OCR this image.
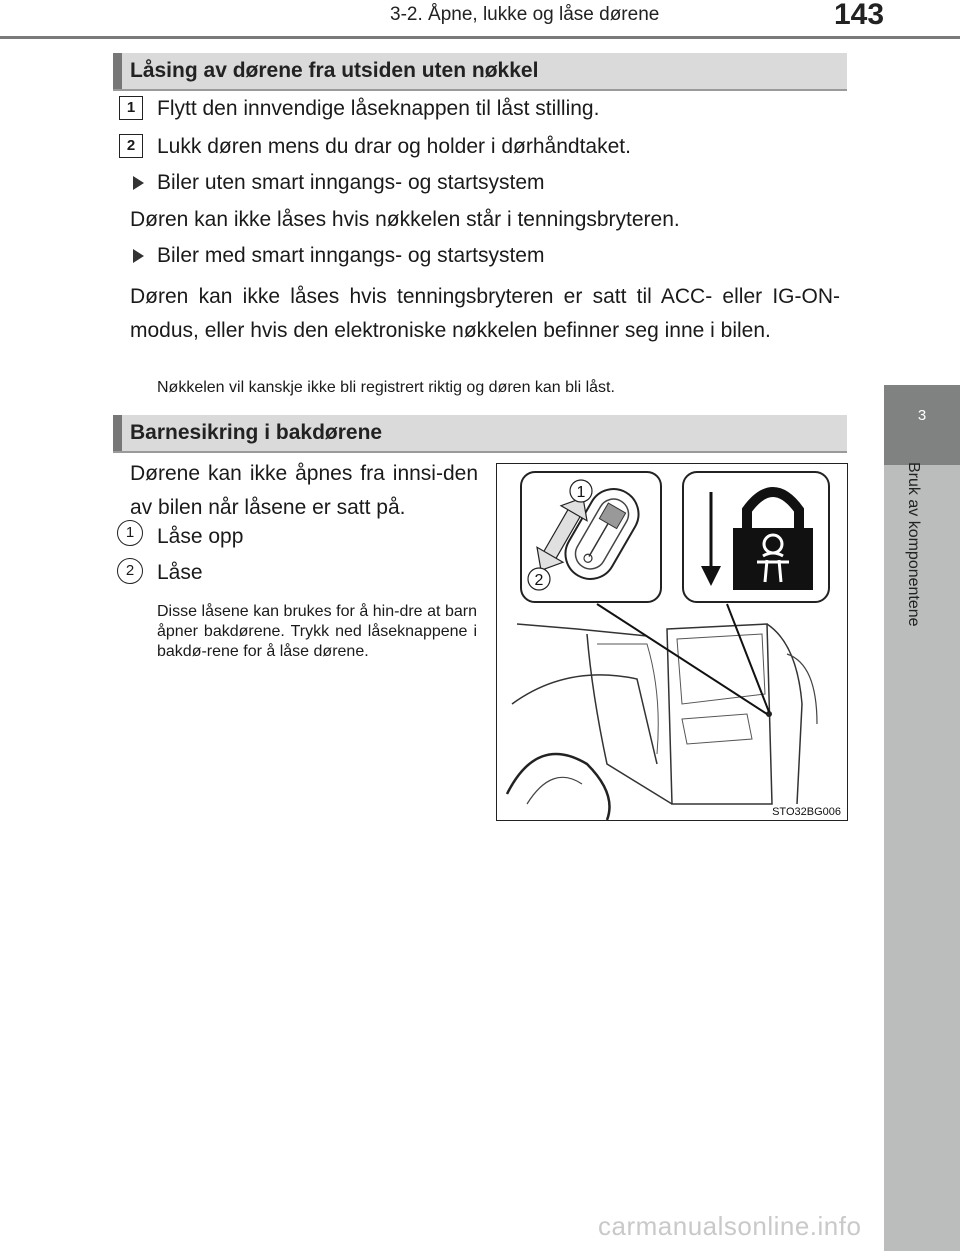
3-2. Åpne, lukke og låse dørene	143
3
Bruk av komponentene
Låsing av dørene fra utsiden uten nøkkel
1	Flytt den innvendige låseknappen til låst stilling.
2	Lukk døren mens du drar og holder i dørhåndtaket.
Biler uten smart inngangs- og startsystem
Døren kan ikke låses hvis nøkkelen står i tenningsbryteren.
Biler med smart inngangs- og startsystem
Døren kan ikke låses hvis tenningsbryteren er satt til ACC- eller IG-ON-modus, eller hvis den elektroniske nøkkelen befinner seg inne i bilen.
Nøkkelen vil kanskje ikke bli registrert riktig og døren kan bli låst.
Barnesikring i bakdørene
Dørene kan ikke åpnes fra innsi-den av bilen når låsene er satt på.
1	Låse opp
2	Låse
Disse låsene kan brukes for å hin-dre at barn åpner bakdørene. Trykk ned låseknappene i bakdø-rene for å låse dørene.
1
2
STO32BG006
carmanualsonline.info
